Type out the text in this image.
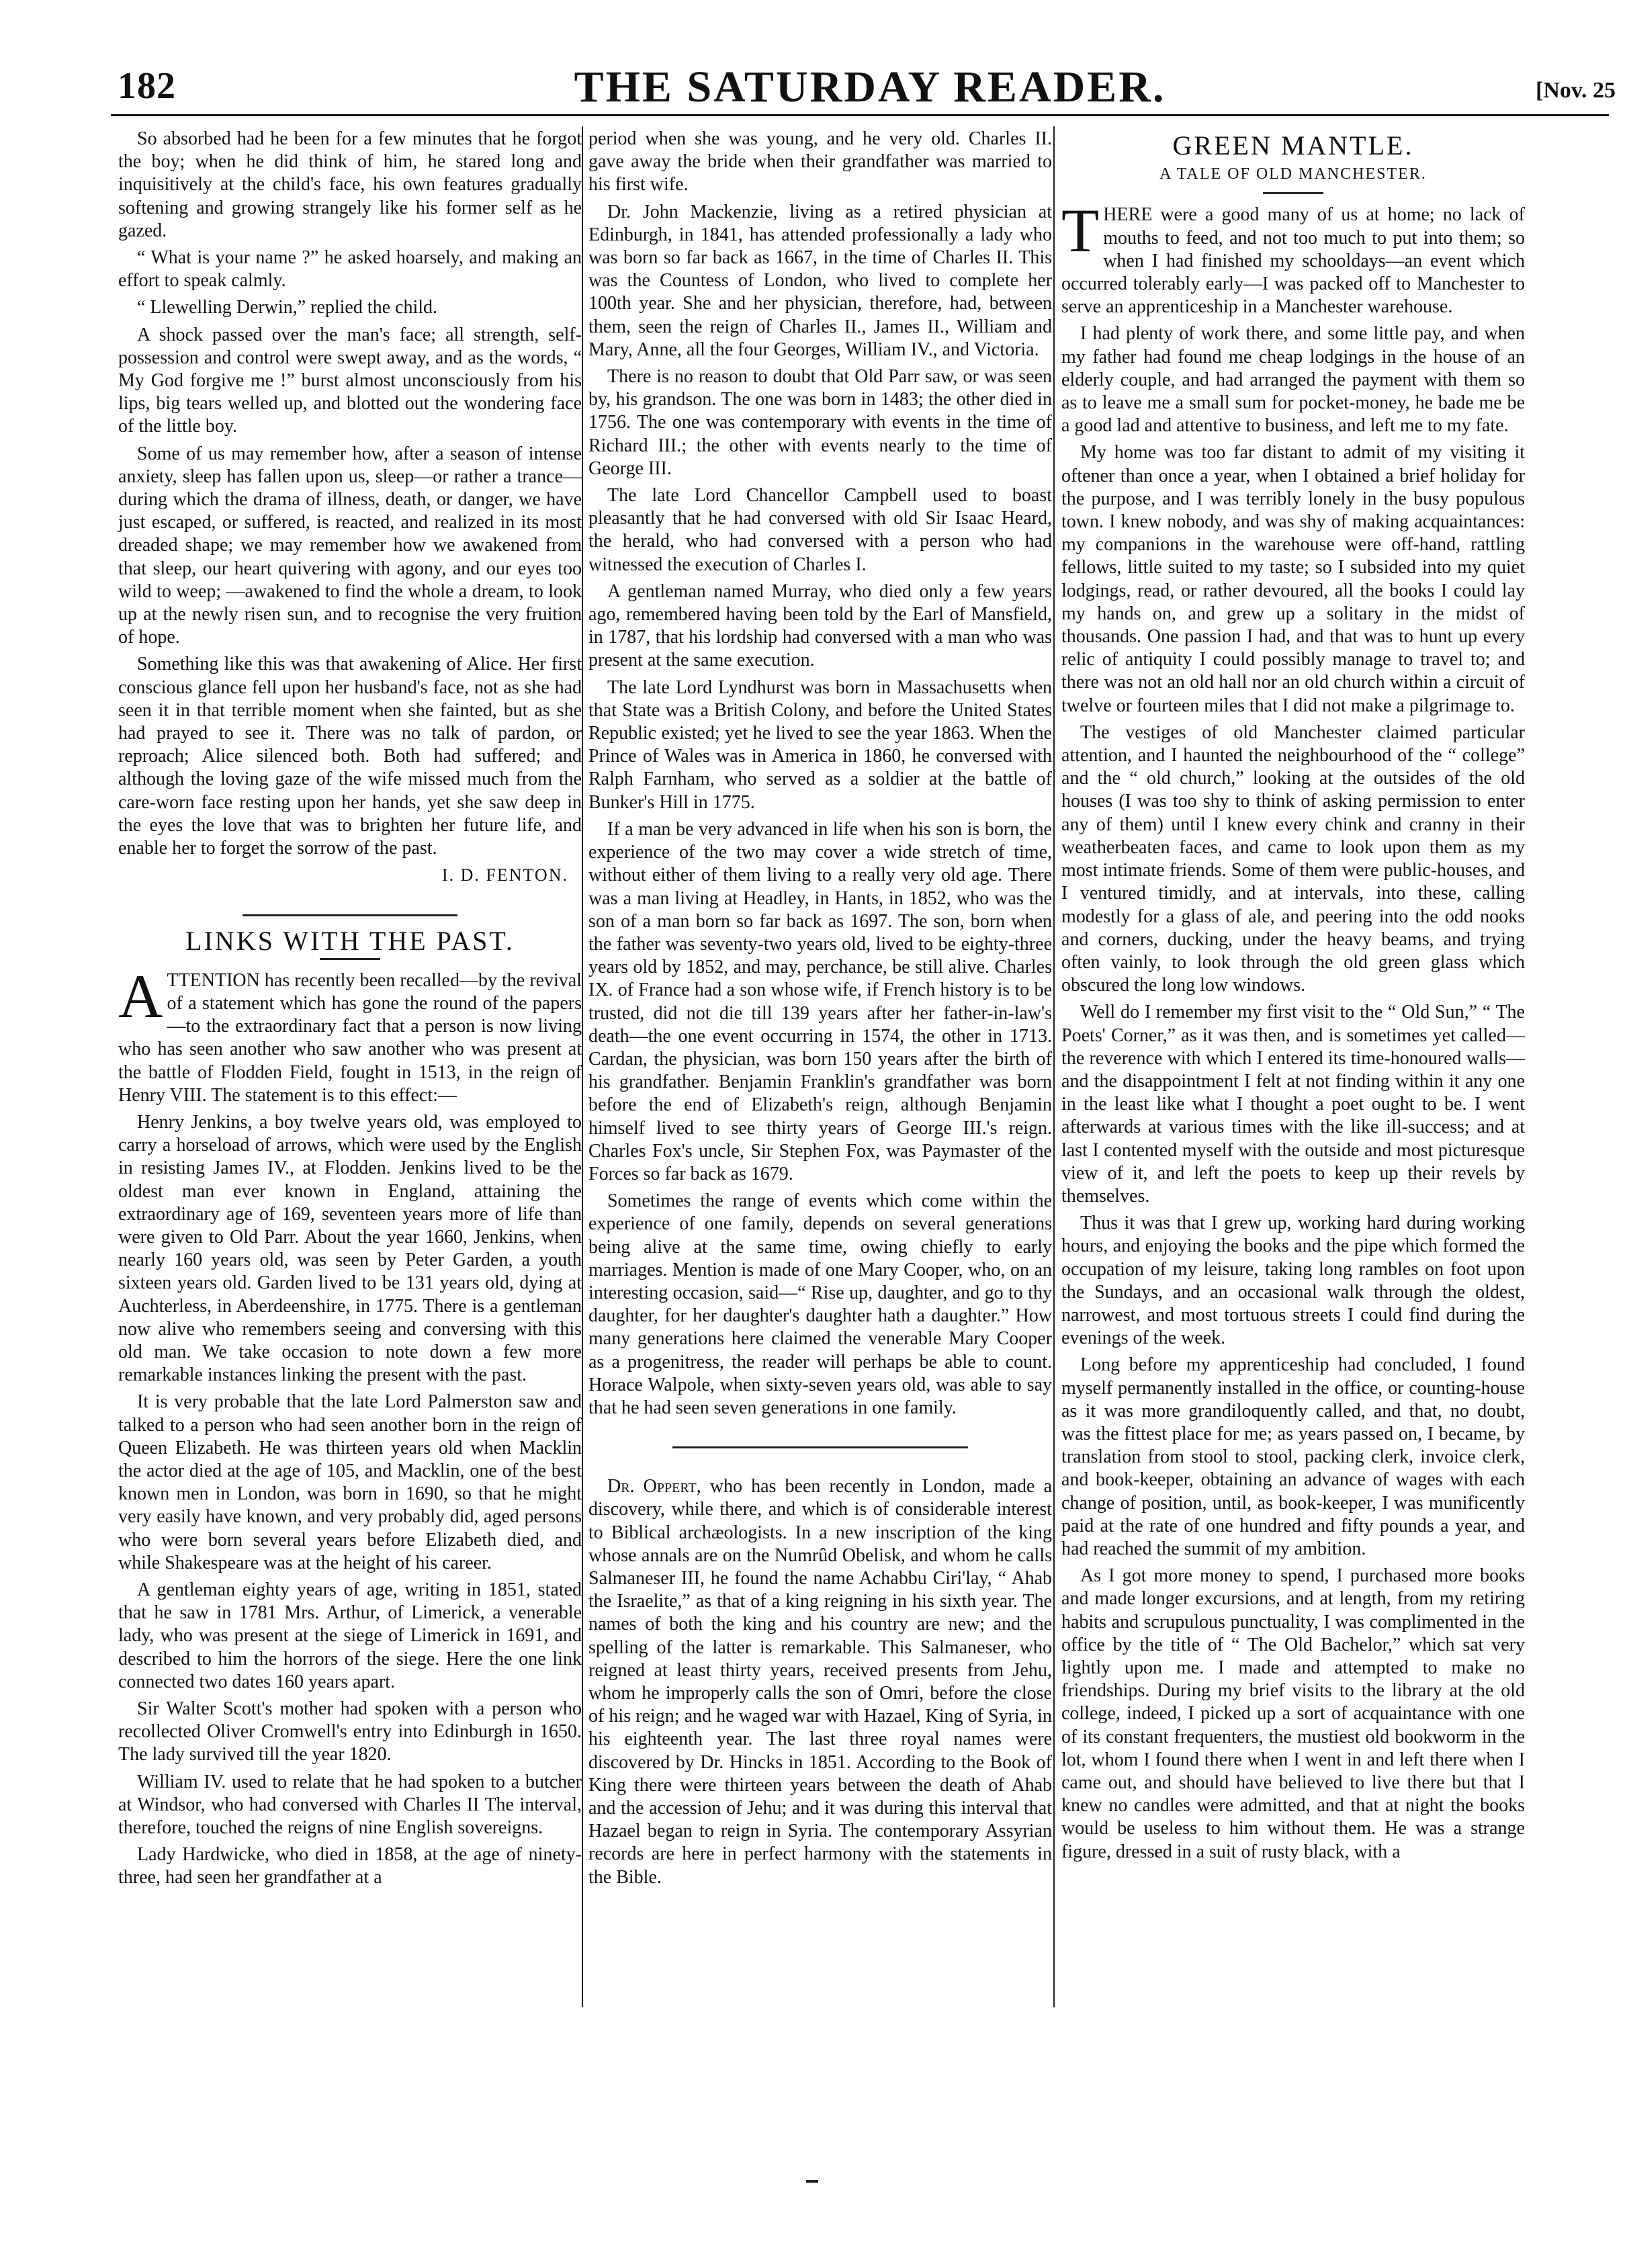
182	THE SATURDAY READER.	[Nov. 25

So absorbed had he been for a few minutes that he forgot the boy; when he did think of him, he stared long and inquisitively at the child's face, his own features gradually softening and growing strangely like his former self as he gazed.

“ What is your name ?” he asked hoarsely, and making an effort to speak calmly.

“ Llewelling Derwin,” replied the child.

A shock passed over the man's face; all strength, self-possession and control were swept away, and as the words, “ My God forgive me !” burst almost unconsciously from his lips, big tears welled up, and blotted out the wondering face of the little boy.

Some of us may remember how, after a season of intense anxiety, sleep has fallen upon us, sleep—or rather a trance—during which the drama of illness, death, or danger, we have just escaped, or suffered, is reacted, and realized in its most dreaded shape; we may remember how we awakened from that sleep, our heart quivering with agony, and our eyes too wild to weep; —awakened to find the whole a dream, to look up at the newly risen sun, and to recognise the very fruition of hope.

Something like this was that awakening of Alice. Her first conscious glance fell upon her husband's face, not as she had seen it in that terrible moment when she fainted, but as she had prayed to see it. There was no talk of pardon, or reproach; Alice silenced both. Both had suffered; and although the loving gaze of the wife missed much from the care-worn face resting upon her hands, yet she saw deep in the eyes the love that was to brighten her future life, and enable her to forget the sorrow of the past.

I. D. FENTON.
LINKS WITH THE PAST.

ATTENTION has recently been recalled—by the revival of a statement which has gone the round of the papers—to the extraordinary fact that a person is now living who has seen another who saw another who was present at the battle of Flodden Field, fought in 1513, in the reign of Henry VIII. The statement is to this effect:—

Henry Jenkins, a boy twelve years old, was employed to carry a horseload of arrows, which were used by the English in resisting James IV., at Flodden. Jenkins lived to be the oldest man ever known in England, attaining the extraordinary age of 169, seventeen years more of life than were given to Old Parr. About the year 1660, Jenkins, when nearly 160 years old, was seen by Peter Garden, a youth sixteen years old. Garden lived to be 131 years old, dying at Auchterless, in Aberdeenshire, in 1775. There is a gentleman now alive who remembers seeing and conversing with this old man. We take occasion to note down a few more remarkable instances linking the present with the past.

It is very probable that the late Lord Palmerston saw and talked to a person who had seen another born in the reign of Queen Elizabeth. He was thirteen years old when Macklin the actor died at the age of 105, and Macklin, one of the best known men in London, was born in 1690, so that he might very easily have known, and very probably did, aged persons who were born several years before Elizabeth died, and while Shakespeare was at the height of his career.

A gentleman eighty years of age, writing in 1851, stated that he saw in 1781 Mrs. Arthur, of Limerick, a venerable lady, who was present at the siege of Limerick in 1691, and described to him the horrors of the siege. Here the one link connected two dates 160 years apart.

Sir Walter Scott's mother had spoken with a person who recollected Oliver Cromwell's entry into Edinburgh in 1650. The lady survived till the year 1820.

William IV. used to relate that he had spoken to a butcher at Windsor, who had conversed with Charles II The interval, therefore, touched the reigns of nine English sovereigns.

Lady Hardwicke, who died in 1858, at the age of ninety-three, had seen her grandfather at a

period when she was young, and he very old. Charles II. gave away the bride when their grandfather was married to his first wife.

Dr. John Mackenzie, living as a retired physician at Edinburgh, in 1841, has attended professionally a lady who was born so far back as 1667, in the time of Charles II. This was the Countess of London, who lived to complete her 100th year. She and her physician, therefore, had, between them, seen the reign of Charles II., James II., William and Mary, Anne, all the four Georges, William IV., and Victoria.

There is no reason to doubt that Old Parr saw, or was seen by, his grandson. The one was born in 1483; the other died in 1756. The one was contemporary with events in the time of Richard III.; the other with events nearly to the time of George III.

The late Lord Chancellor Campbell used to boast pleasantly that he had conversed with old Sir Isaac Heard, the herald, who had conversed with a person who had witnessed the execution of Charles I.

A gentleman named Murray, who died only a few years ago, remembered having been told by the Earl of Mansfield, in 1787, that his lordship had conversed with a man who was present at the same execution.

The late Lord Lyndhurst was born in Massachusetts when that State was a British Colony, and before the United States Republic existed; yet he lived to see the year 1863. When the Prince of Wales was in America in 1860, he conversed with Ralph Farnham, who served as a soldier at the battle of Bunker's Hill in 1775.

If a man be very advanced in life when his son is born, the experience of the two may cover a wide stretch of time, without either of them living to a really very old age. There was a man living at Headley, in Hants, in 1852, who was the son of a man born so far back as 1697. The son, born when the father was seventy-two years old, lived to be eighty-three years old by 1852, and may, perchance, be still alive. Charles IX. of France had a son whose wife, if French history is to be trusted, did not die till 139 years after her father-in-law's death—the one event occurring in 1574, the other in 1713. Cardan, the physician, was born 150 years after the birth of his grandfather. Benjamin Franklin's grandfather was born before the end of Elizabeth's reign, although Benjamin himself lived to see thirty years of George III.'s reign. Charles Fox's uncle, Sir Stephen Fox, was Paymaster of the Forces so far back as 1679.

Sometimes the range of events which come within the experience of one family, depends on several generations being alive at the same time, owing chiefly to early marriages. Mention is made of one Mary Cooper, who, on an interesting occasion, said—“ Rise up, daughter, and go to thy daughter, for her daughter's daughter hath a daughter.” How many generations here claimed the venerable Mary Cooper as a progenitress, the reader will perhaps be able to count. Horace Walpole, when sixty-seven years old, was able to say that he had seen seven generations in one family.

Dr. Oppert, who has been recently in London, made a discovery, while there, and which is of considerable interest to Biblical archæologists. In a new inscription of the king whose annals are on the Numrûd Obelisk, and whom he calls Salmaneser III, he found the name Achabbu Ciri'lay, “ Ahab the Israelite,” as that of a king reigning in his sixth year. The names of both the king and his country are new; and the spelling of the latter is remarkable. This Salmaneser, who reigned at least thirty years, received presents from Jehu, whom he improperly calls the son of Omri, before the close of his reign; and he waged war with Hazael, King of Syria, in his eighteenth year. The last three royal names were discovered by Dr. Hincks in 1851. According to the Book of King there were thirteen years between the death of Ahab and the accession of Jehu; and it was during this interval that Hazael began to reign in Syria. The contemporary Assyrian records are here in perfect harmony with the statements in the Bible.

GREEN MANTLE.
A TALE OF OLD MANCHESTER.

THERE were a good many of us at home; no lack of mouths to feed, and not too much to put into them; so when I had finished my schooldays—an event which occurred tolerably early—I was packed off to Manchester to serve an apprenticeship in a Manchester warehouse.

I had plenty of work there, and some little pay, and when my father had found me cheap lodgings in the house of an elderly couple, and had arranged the payment with them so as to leave me a small sum for pocket-money, he bade me be a good lad and attentive to business, and left me to my fate.

My home was too far distant to admit of my visiting it oftener than once a year, when I obtained a brief holiday for the purpose, and I was terribly lonely in the busy populous town. I knew nobody, and was shy of making acquaintances: my companions in the warehouse were off-hand, rattling fellows, little suited to my taste; so I subsided into my quiet lodgings, read, or rather devoured, all the books I could lay my hands on, and grew up a solitary in the midst of thousands. One passion I had, and that was to hunt up every relic of antiquity I could possibly manage to travel to; and there was not an old hall nor an old church within a circuit of twelve or fourteen miles that I did not make a pilgrimage to.

The vestiges of old Manchester claimed particular attention, and I haunted the neighbourhood of the “ college” and the “ old church,” looking at the outsides of the old houses (I was too shy to think of asking permission to enter any of them) until I knew every chink and cranny in their weatherbeaten faces, and came to look upon them as my most intimate friends. Some of them were public-houses, and I ventured timidly, and at intervals, into these, calling modestly for a glass of ale, and peering into the odd nooks and corners, ducking, under the heavy beams, and trying often vainly, to look through the old green glass which obscured the long low windows.

Well do I remember my first visit to the “ Old Sun,” “ The Poets' Corner,” as it was then, and is sometimes yet called—the reverence with which I entered its time-honoured walls—and the disappointment I felt at not finding within it any one in the least like what I thought a poet ought to be. I went afterwards at various times with the like ill-success; and at last I contented myself with the outside and most picturesque view of it, and left the poets to keep up their revels by themselves.

Thus it was that I grew up, working hard during working hours, and enjoying the books and the pipe which formed the occupation of my leisure, taking long rambles on foot upon the Sundays, and an occasional walk through the oldest, narrowest, and most tortuous streets I could find during the evenings of the week.

Long before my apprenticeship had concluded, I found myself permanently installed in the office, or counting-house as it was more grandiloquently called, and that, no doubt, was the fittest place for me; as years passed on, I became, by translation from stool to stool, packing clerk, invoice clerk, and book-keeper, obtaining an advance of wages with each change of position, until, as book-keeper, I was munificently paid at the rate of one hundred and fifty pounds a year, and had reached the summit of my ambition.

As I got more money to spend, I purchased more books and made longer excursions, and at length, from my retiring habits and scrupulous punctuality, I was complimented in the office by the title of “ The Old Bachelor,” which sat very lightly upon me. I made and attempted to make no friendships. During my brief visits to the library at the old college, indeed, I picked up a sort of acquaintance with one of its constant frequenters, the mustiest old bookworm in the lot, whom I found there when I went in and left there when I came out, and should have believed to live there but that I knew no candles were admitted, and that at night the books would be useless to him without them. He was a strange figure, dressed in a suit of rusty black, with a
